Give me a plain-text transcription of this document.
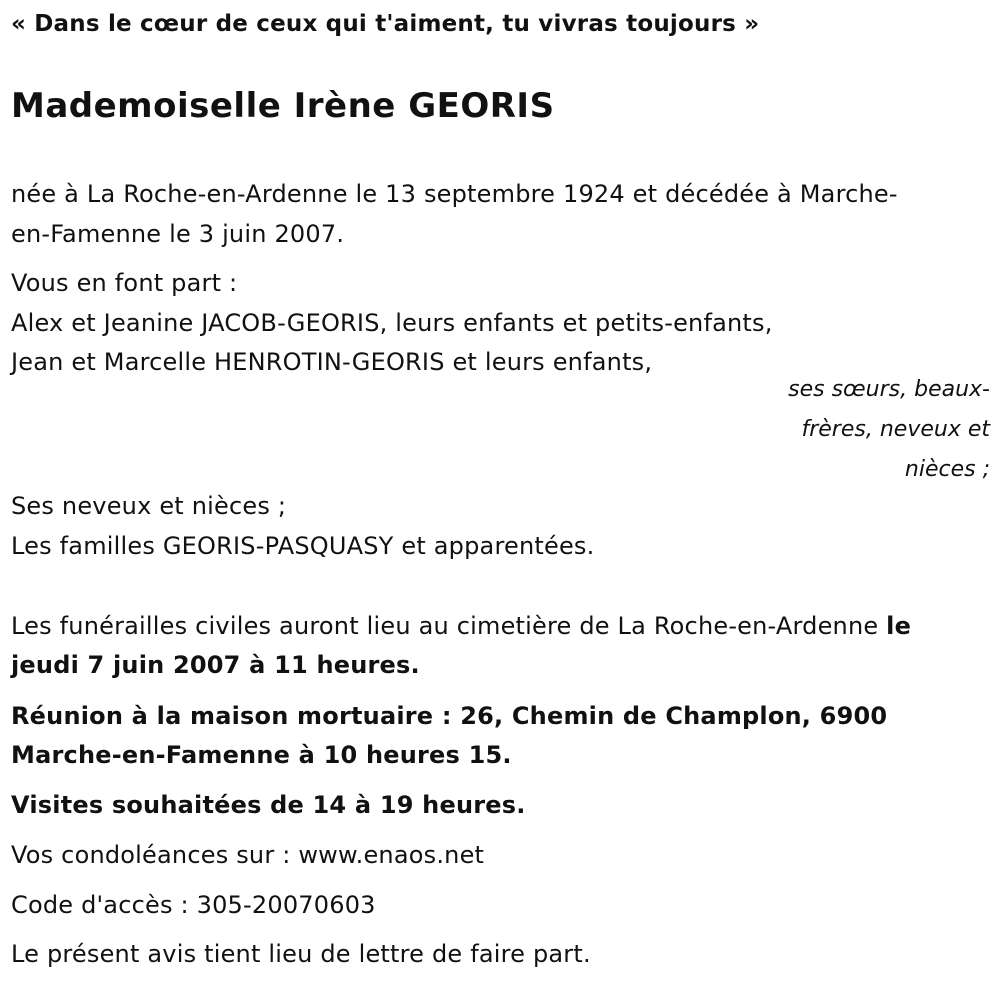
« Dans le cœur de ceux qui t'aiment, tu vivras toujours »
Mademoiselle Irène GEORIS
née à La Roche-en-Ardenne le 13 septembre 1924 et décédée à Marche-
en-Famenne le 3 juin 2007.
Vous en font part :
Alex et Jeanine JACOB-GEORIS, leurs enfants et petits-enfants,
Jean et Marcelle HENROTIN-GEORIS et leurs enfants,
ses sœurs, beaux-
frères, neveux et
nièces ;
Ses neveux et nièces ;
Les familles GEORIS-PASQUASY et apparentées.
Les funérailles civiles auront lieu au cimetière de La Roche-en-Ardenne le
jeudi 7 juin 2007 à 11 heures.
Réunion à la maison mortuaire : 26, Chemin de Champlon, 6900
Marche-en-Famenne à 10 heures 15.
Visites souhaitées de 14 à 19 heures.
Vos condoléances sur : www.enaos.net
Code d'accès : 305-20070603
Le présent avis tient lieu de lettre de faire part.
